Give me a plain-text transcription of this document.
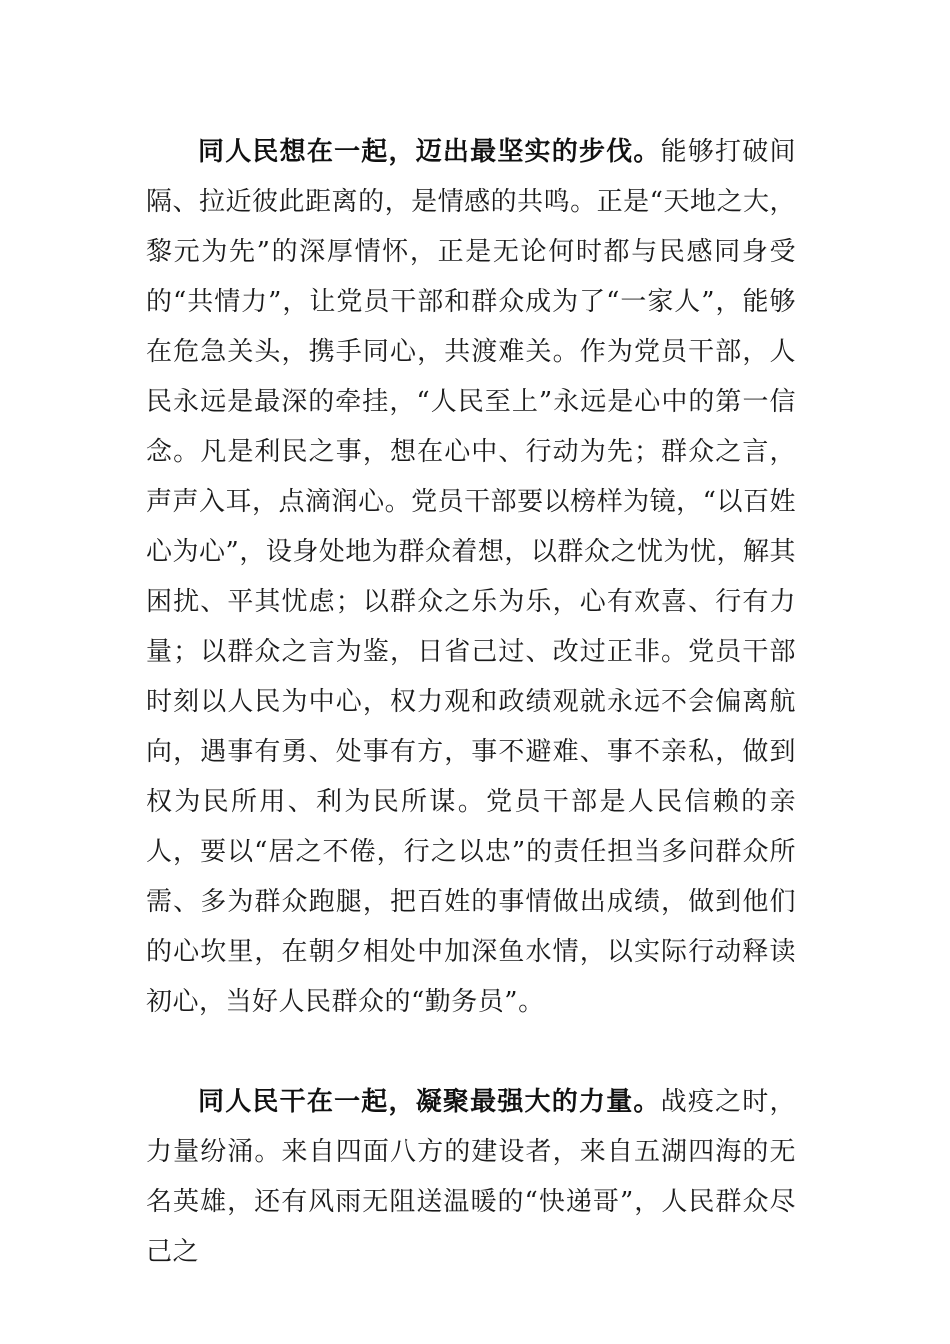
同人民想在一起，迈出最坚实的步伐。能够打破间隔、拉近彼此距离的，是情感的共鸣。正是“天地之大，黎元为先”的深厚情怀，正是无论何时都与民感同身受的“共情力”，让党员干部和群众成为了“一家人”，能够在危急关头，携手同心，共渡难关。作为党员干部，人民永远是最深的牵挂，“人民至上”永远是心中的第一信念。凡是利民之事，想在心中、行动为先；群众之言，声声入耳，点滴润心。党员干部要以榜样为镜，“以百姓心为心”，设身处地为群众着想，以群众之忧为忧，解其困扰、平其忧虑；以群众之乐为乐，心有欢喜、行有力量；以群众之言为鉴，日省己过、改过正非。党员干部时刻以人民为中心，权力观和政绩观就永远不会偏离航向，遇事有勇、处事有方，事不避难、事不亲私，做到权为民所用、利为民所谋。党员干部是人民信赖的亲人，要以“居之不倦，行之以忠”的责任担当多问群众所需、多为群众跑腿，把百姓的事情做出成绩，做到他们的心坎里，在朝夕相处中加深鱼水情，以实际行动释读初心，当好人民群众的“勤务员”。

同人民干在一起，凝聚最强大的力量。战疫之时，力量纷涌。来自四面八方的建设者，来自五湖四海的无名英雄，还有风雨无阻送温暖的“快递哥”，人民群众尽己之
